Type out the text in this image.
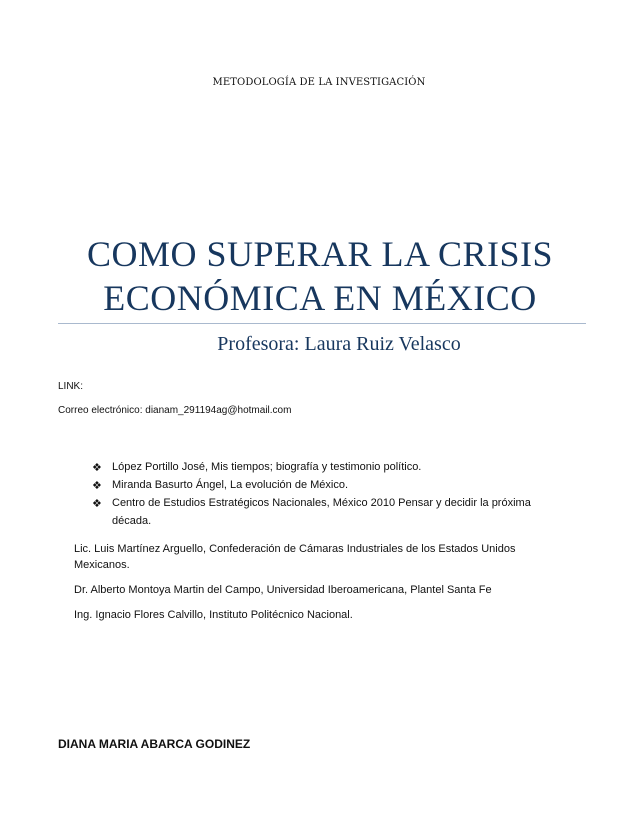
METODOLOGÍA DE LA INVESTIGACIÓN
COMO SUPERAR LA CRISIS
ECONÓMICA EN MÉXICO
Profesora: Laura Ruiz Velasco
LINK:
Correo electrónico: dianam_291194ag@hotmail.com
❖ López Portillo José, Mis tiempos; biografía y testimonio político.
❖ Miranda Basurto Ángel, La evolución de México.
❖ Centro de Estudios Estratégicos Nacionales, México 2010 Pensar y decidir la próxima década.

Lic. Luis Martínez Arguello, Confederación de Cámaras Industriales de los Estados Unidos Mexicanos.

Dr. Alberto Montoya Martin del Campo, Universidad Iberoamericana, Plantel Santa Fe

Ing. Ignacio Flores Calvillo, Instituto Politécnico Nacional.

DIANA MARIA ABARCA GODINEZ
